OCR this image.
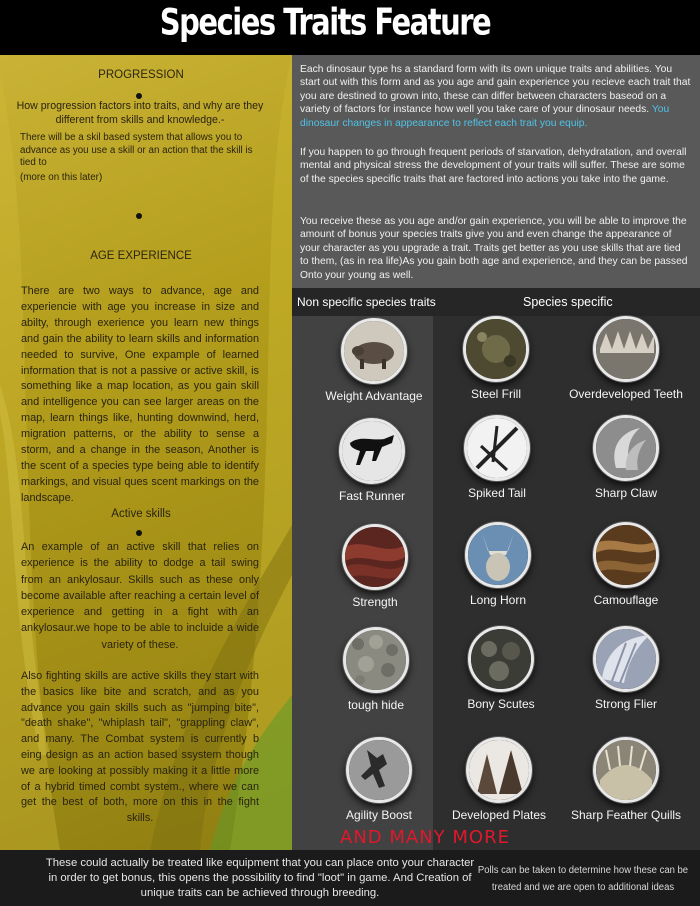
Species Traits Feature
PROGRESSION
How progression factors into traits, and why are they different from skills and knowledge.-
There will be a skil based system that allows you to advance as you use a skill or an action that the skill is tied to
(more on this later)
AGE EXPERIENCE
There are two ways to advance, age and experiencie with age you increase in size and abilty, through exerience you learn new things and gain the ability to learn skills and information needed to survive, One expample of learned information that is not a passive or active skill, is something like a map location, as you gain skill and intelligence you can see larger areas on the map, learn things like, hunting downwind, herd, migration patterns, or the ability to sense a storm, and a change in the season, Another is the scent of a species type being able to identify markings, and visual ques scent markings on the landscape.
Active skills
An example of an active skill that relies on experience is the ability to dodge a tail swing from an ankylosaur. Skills such as these only become available after reaching a certain level of experience and getting in a fight with an ankylosaur.we hope to be able to incluide a wide variety of these.
Also fighting skills are active skills they start with the basics like bite and scratch, and as you advance you gain skills such as "jumping bite", "death shake", "whiplash tail", "grappling claw", and many. The Combat system is currently b eing design as an action based ssystem though we are looking at possibly making it a little more of a hybrid timed combt system., where we can get the best of both, more on this in the fight skills.
Each dinosaur type hs a standard form with its own unique traits and abilities. You start out with this form and as you age and gain experience you recieve each trait that you are destined to grown into, these can differ between characters baseod on a variety of factors for instance how well you take care of your dinosaur needs. You dinosaur changes in appearance to reflect each trait you equip.
If you happen to go through frequent periods of starvation, dehydratation, and overall mental and physical stress the development of your traits will suffer. These are some of the species specific traits that are factored into actions you take into the game.
You receive these as you age and/or gain experience, you will be able to improve the amount of bonus your species traits give you and even change the appearance of your character as you upgrade a trait. Traits get better as you use skills that are tied to them, (as in rea life)As you gain both age and experience, and they can be passed Onto your young as well.
Non specific species traits	Species specific
Weight Advantage
Fast Runner
Strength
tough hide
Agility Boost
Steel Frill
Spiked Tail
Long Horn
Bony Scutes
Developed Plates
Overdeveloped Teeth
Sharp Claw
Camouflage
Strong Flier
Sharp Feather Quills
AND MANY MORE
These could actually be treated like equipment that you can place onto your character in order to get bonus, this opens the possibility to find "loot" in game. And Creation of unique traits can be achieved through breeding.
Polls can be taken to determine how these can be treated and we are open to additional ideas
